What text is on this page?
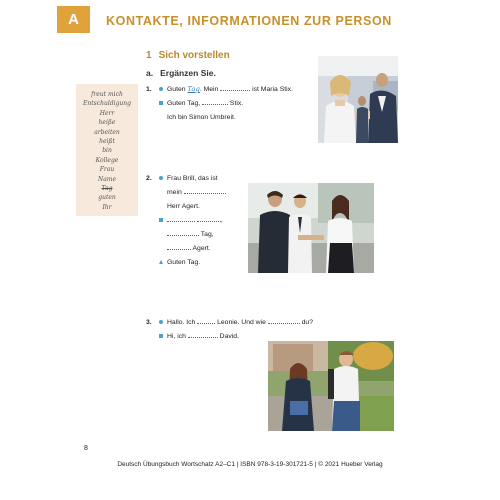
A	KONTAKTE, INFORMATIONEN ZUR PERSON
1 Sich vorstellen
a. Ergänzen Sie.
freut mich
Entschuldigung
Herr
heiße
arbeiten
heißt
bin
Kollege
Frau
Name
Tag
guten
Ihr
1. Guten Tag. Mein	ist Maria Stix.
Guten Tag,	Stix.
Ich bin Simon Umbreit.
2. Frau Brill, das ist
mein
Herr Agert.
,
Tag,
Agert.
Guten Tag.
3. Hallo. Ich	Leonie. Und wie	du?
Hi, ich	David.
8
Deutsch Übungsbuch Wortschatz A2–C1 | ISBN 978-3-19-301721-5 | © 2021 Hueber Verlag
